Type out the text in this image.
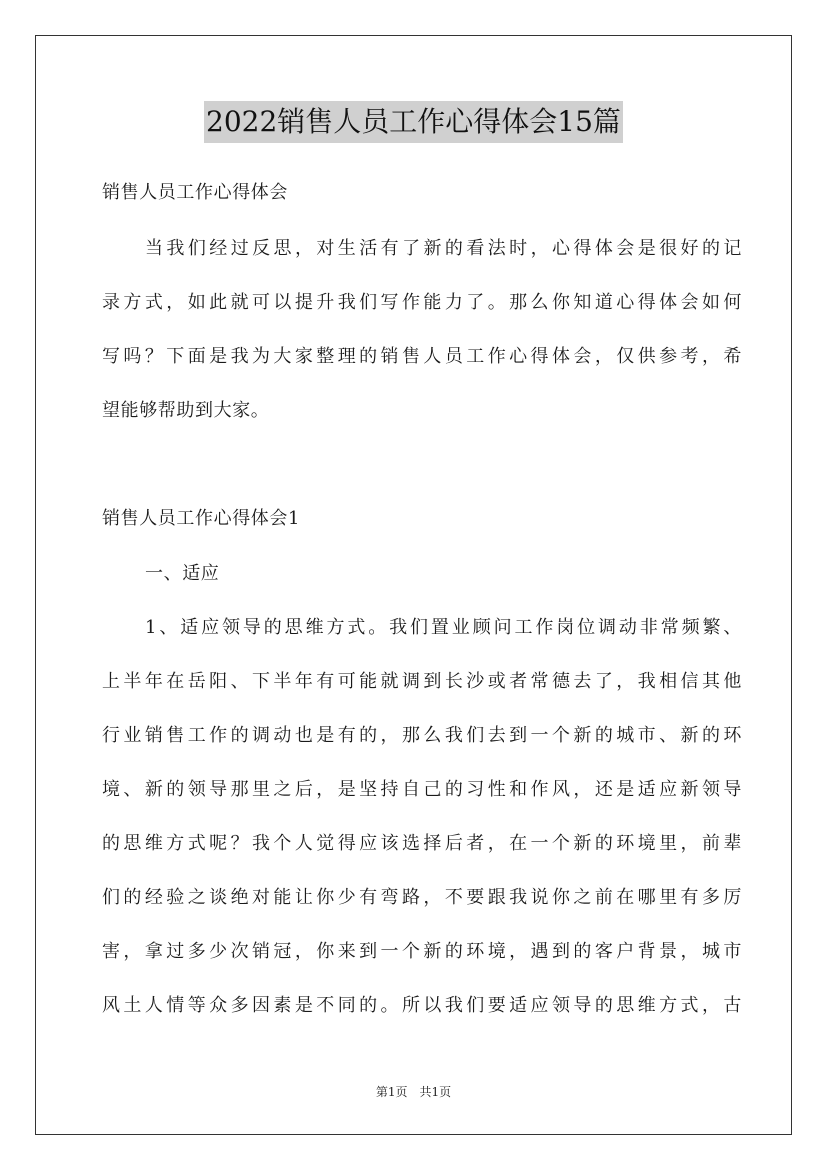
2022销售人员工作心得体会15篇
销售人员工作心得体会
当我们经过反思，对生活有了新的看法时，心得体会是很好的记
录方式，如此就可以提升我们写作能力了。那么你知道心得体会如何
写吗？下面是我为大家整理的销售人员工作心得体会，仅供参考，希
望能够帮助到大家。
销售人员工作心得体会1
一、适应
1、适应领导的思维方式。我们置业顾问工作岗位调动非常频繁、
上半年在岳阳、下半年有可能就调到长沙或者常德去了，我相信其他
行业销售工作的调动也是有的，那么我们去到一个新的城市、新的环
境、新的领导那里之后，是坚持自己的习性和作风，还是适应新领导
的思维方式呢？我个人觉得应该选择后者，在一个新的环境里，前辈
们的经验之谈绝对能让你少有弯路，不要跟我说你之前在哪里有多厉
害，拿过多少次销冠，你来到一个新的环境，遇到的客户背景，城市
风土人情等众多因素是不同的。所以我们要适应领导的思维方式，古
第1页　共1页
